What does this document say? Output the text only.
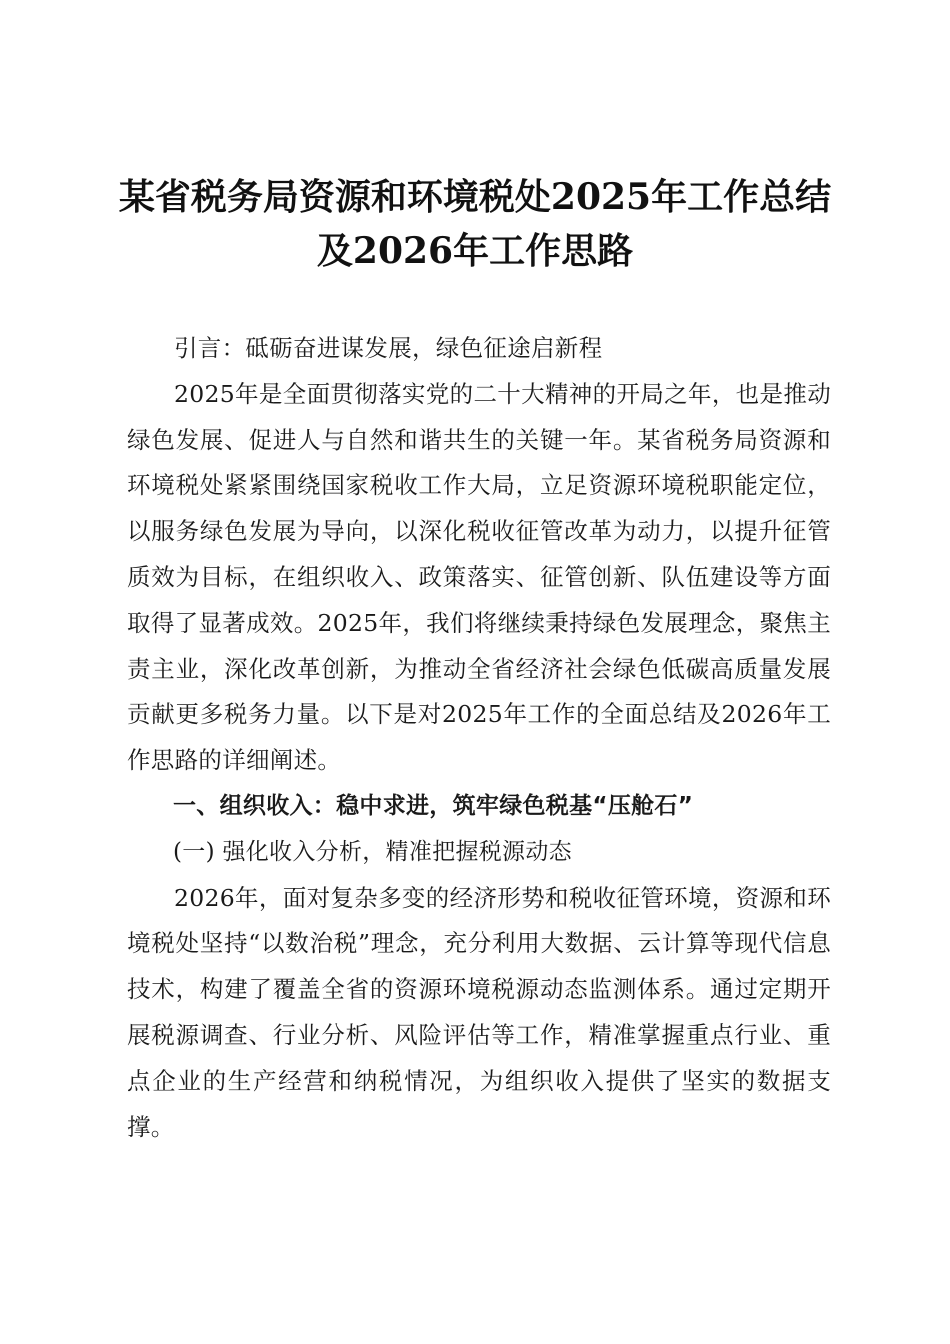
某省税务局资源和环境税处2025年工作总结
及2026年工作思路

引言：砥砺奋进谋发展，绿色征途启新程

2025年是全面贯彻落实党的二十大精神的开局之年，也是推动绿色发展、促进人与自然和谐共生的关键一年。某省税务局资源和环境税处紧紧围绕国家税收工作大局，立足资源环境税职能定位，以服务绿色发展为导向，以深化税收征管改革为动力，以提升征管质效为目标，在组织收入、政策落实、征管创新、队伍建设等方面取得了显著成效。2025年，我们将继续秉持绿色发展理念，聚焦主责主业，深化改革创新，为推动全省经济社会绿色低碳高质量发展贡献更多税务力量。以下是对2025年工作的全面总结及2026年工作思路的详细阐述。

一、组织收入：稳中求进，筑牢绿色税基“压舱石”

(一) 强化收入分析，精准把握税源动态

2026年，面对复杂多变的经济形势和税收征管环境，资源和环境税处坚持“以数治税”理念，充分利用大数据、云计算等现代信息技术，构建了覆盖全省的资源环境税源动态监测体系。通过定期开展税源调查、行业分析、风险评估等工作，精准掌握重点行业、重点企业的生产经营和纳税情况，为组织收入提供了坚实的数据支撑。
